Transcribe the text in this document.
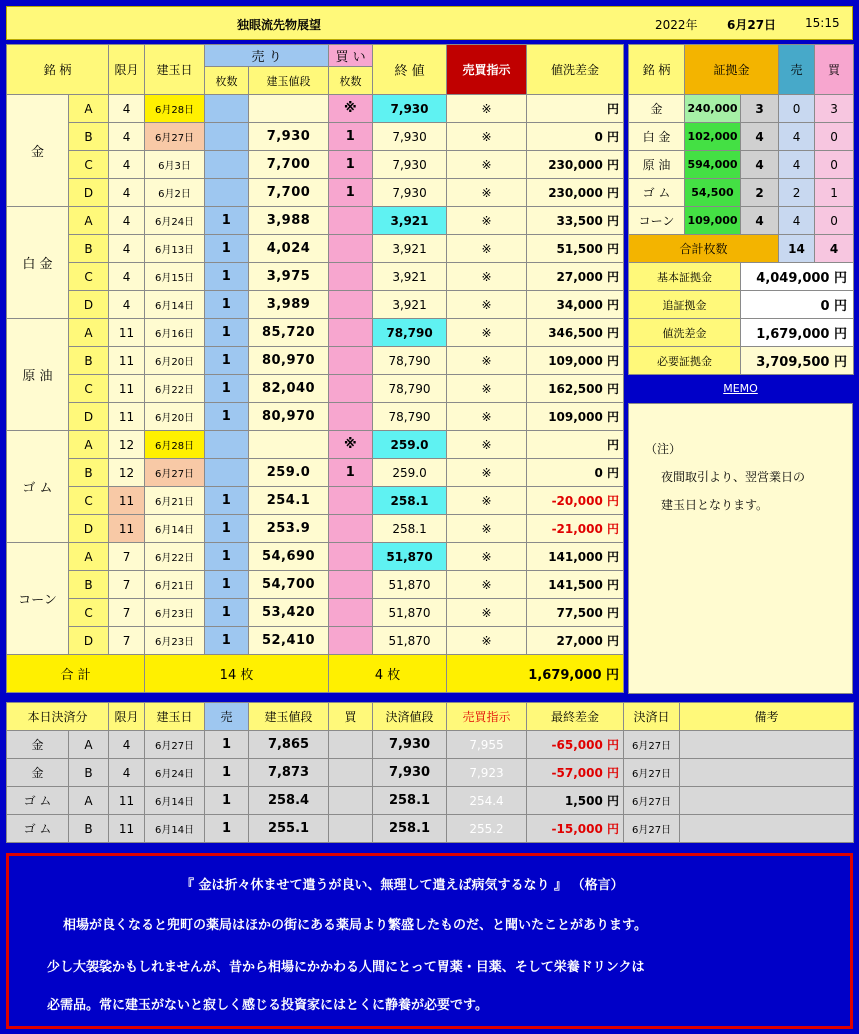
独眼流先物展望	2022年 6月27日 15:15
銘 柄		限月	建玉日	売 り		買 い	終 値	売買指示	値洗差金
				枚数	建玉値段	枚数			
金	A	4	6月28日			※	7,930	※	円
	B	4	6月27日		7,930	1	7,930	※	0 円
	C	4	6月3日		7,700	1	7,930	※	230,000 円
	D	4	6月2日		7,700	1	7,930	※	230,000 円
白 金	A	4	6月24日	1	3,988		3,921	※	33,500 円
	B	4	6月13日	1	4,024		3,921	※	51,500 円
	C	4	6月15日	1	3,975		3,921	※	27,000 円
	D	4	6月14日	1	3,989		3,921	※	34,000 円
原 油	A	11	6月16日	1	85,720		78,790	※	346,500 円
	B	11	6月20日	1	80,970		78,790	※	109,000 円
	C	11	6月22日	1	82,040		78,790	※	162,500 円
	D	11	6月20日	1	80,970		78,790	※	109,000 円
ゴ ム	A	12	6月28日			※	259.0	※	円
	B	12	6月27日		259.0	1	259.0	※	0 円
	C	11	6月21日	1	254.1		258.1	※	-20,000 円
	D	11	6月14日	1	253.9		258.1	※	-21,000 円
コーン	A	7	6月22日	1	54,690		51,870	※	141,000 円
	B	7	6月21日	1	54,700		51,870	※	141,500 円
	C	7	6月23日	1	53,420		51,870	※	77,500 円
	D	7	6月23日	1	52,410		51,870	※	27,000 円
合 計			14 枚			4 枚		1,679,000 円	
銘 柄	証拠金		売	買
金	240,000	3	0	3
白 金	102,000	4	4	0
原 油	594,000	4	4	0
ゴ ム	54,500	2	2	1
コーン	109,000	4	4	0
合計枚数			14	4
基本証拠金		4,049,000 円		
追証拠金		0 円		
値洗差金		1,679,000 円		
必要証拠金		3,709,500 円		
MEMO
（注）
夜間取引より、翌営業日の
建玉日となります。
本日決済分		限月	建玉日	売	建玉値段	買	決済値段	売買指示	最終差金	決済日	備考
金	A	4	6月27日	1	7,865		7,930	7,955	-65,000 円	6月27日	
金	B	4	6月24日	1	7,873		7,930	7,923	-57,000 円	6月27日	
ゴ ム	A	11	6月14日	1	258.4		258.1	254.4	1,500 円	6月27日	
ゴ ム	B	11	6月14日	1	255.1		258.1	255.2	-15,000 円	6月27日	
『 金は折々休ませて遣うが良い、無理して遣えば病気するなり 』 （格言）
相場が良くなると兜町の薬局はほかの街にある薬局より繁盛したものだ、と聞いたことがあります。
少し大袈裟かもしれませんが、昔から相場にかかわる人間にとって胃薬・目薬、そして栄養ドリンクは
必需品。常に建玉がないと寂しく感じる投資家にはとくに静養が必要です。
